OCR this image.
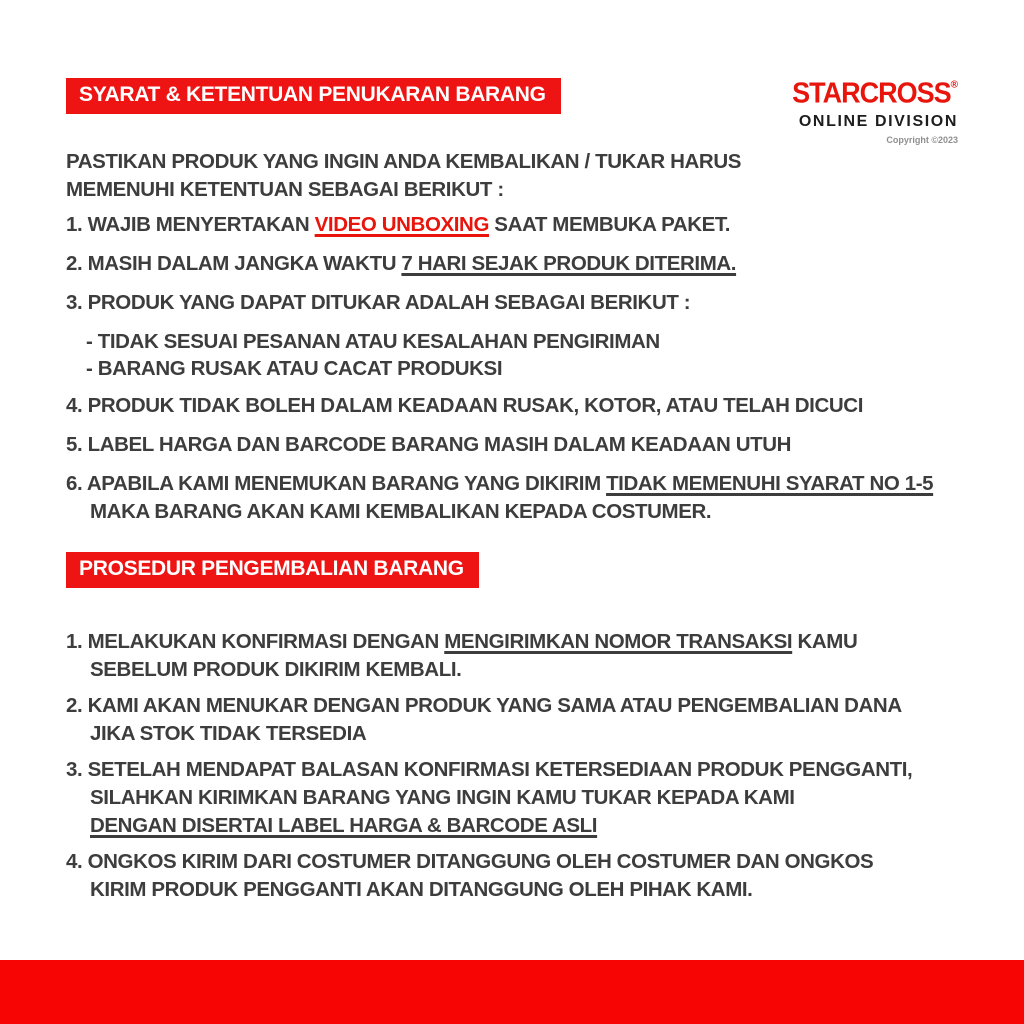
SYARAT & KETENTUAN PENUKARAN BARANG	STARCROSS®
ONLINE DIVISION
Copyright ©2023

PASTIKAN PRODUK YANG INGIN ANDA KEMBALIKAN / TUKAR HARUS
MEMENUHI KETENTUAN SEBAGAI BERIKUT :

1. WAJIB MENYERTAKAN VIDEO UNBOXING SAAT MEMBUKA PAKET.
2. MASIH DALAM JANGKA WAKTU 7 HARI SEJAK PRODUK DITERIMA.
3. PRODUK YANG DAPAT DITUKAR ADALAH SEBAGAI BERIKUT :
- TIDAK SESUAI PESANAN ATAU KESALAHAN PENGIRIMAN
- BARANG RUSAK ATAU CACAT PRODUKSI
4. PRODUK TIDAK BOLEH DALAM KEADAAN RUSAK, KOTOR, ATAU TELAH DICUCI
5. LABEL HARGA DAN BARCODE BARANG MASIH DALAM KEADAAN UTUH
6. APABILA KAMI MENEMUKAN BARANG YANG DIKIRIM TIDAK MEMENUHI SYARAT NO 1-5
MAKA BARANG AKAN KAMI KEMBALIKAN KEPADA COSTUMER.
PROSEDUR PENGEMBALIAN BARANG
1. MELAKUKAN KONFIRMASI DENGAN MENGIRIMKAN NOMOR TRANSAKSI KAMU
SEBELUM PRODUK DIKIRIM KEMBALI.
2. KAMI AKAN MENUKAR DENGAN PRODUK YANG SAMA ATAU PENGEMBALIAN DANA
JIKA STOK TIDAK TERSEDIA
3. SETELAH MENDAPAT BALASAN KONFIRMASI KETERSEDIAAN PRODUK PENGGANTI,
SILAHKAN KIRIMKAN BARANG YANG INGIN KAMU TUKAR KEPADA KAMI
DENGAN DISERTAI LABEL HARGA & BARCODE ASLI
4. ONGKOS KIRIM DARI COSTUMER DITANGGUNG OLEH COSTUMER DAN ONGKOS
KIRIM PRODUK PENGGANTI AKAN DITANGGUNG OLEH PIHAK KAMI.
